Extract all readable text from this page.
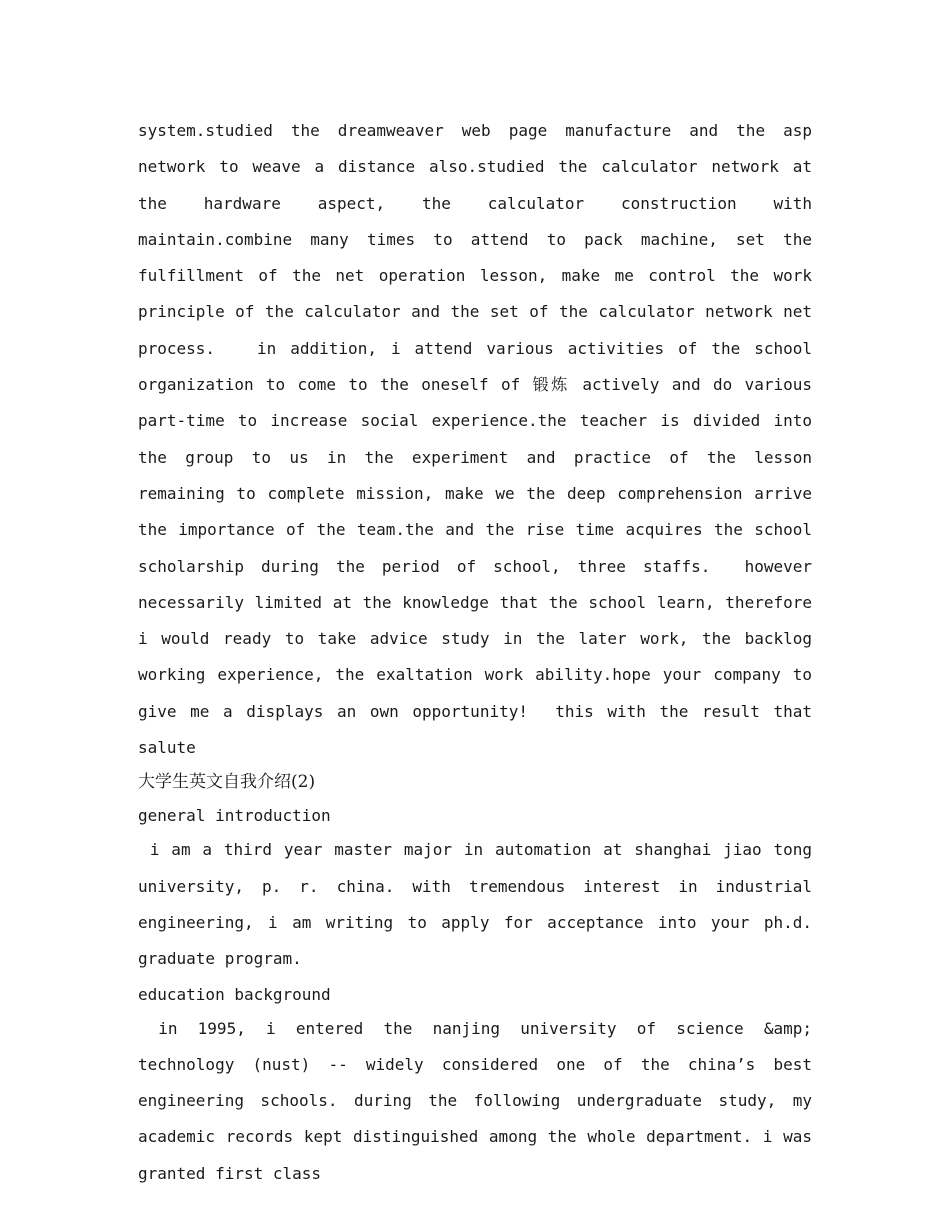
system.studied the dreamweaver web page manufacture and the asp network to weave a distance also.studied the calculator network at the hardware aspect, the calculator construction with maintain.combine many times to attend to pack machine, set the fulfillment of the net operation lesson, make me control the work principle of the calculator and the set of the calculator network net process.   in addition, i attend various activities of the school organization to come to the oneself of 锻炼 actively and do various part-time to increase social experience.the teacher is divided into the group to us in the experiment and practice of the lesson remaining to complete mission, make we the deep comprehension arrive the importance of the team.the and the rise time acquires the school scholarship during the period of school, three staffs.  however necessarily limited at the knowledge that the school learn, therefore i would ready to take advice study in the later work, the backlog working experience, the exaltation work ability.hope your company to give me a displays an own opportunity!  this with the result that  salute

大学生英文自我介绍(2)

general introduction

i am a third year master major in automation at shanghai jiao tong university, p. r. china. with tremendous interest in industrial engineering, i am writing to apply for acceptance into your ph.d. graduate program.

education background

in 1995, i entered the nanjing university of science &amp; technology (nust) -- widely considered one of the china’s best engineering schools. during the following undergraduate study, my academic records kept distinguished among the whole department. i was granted first class
